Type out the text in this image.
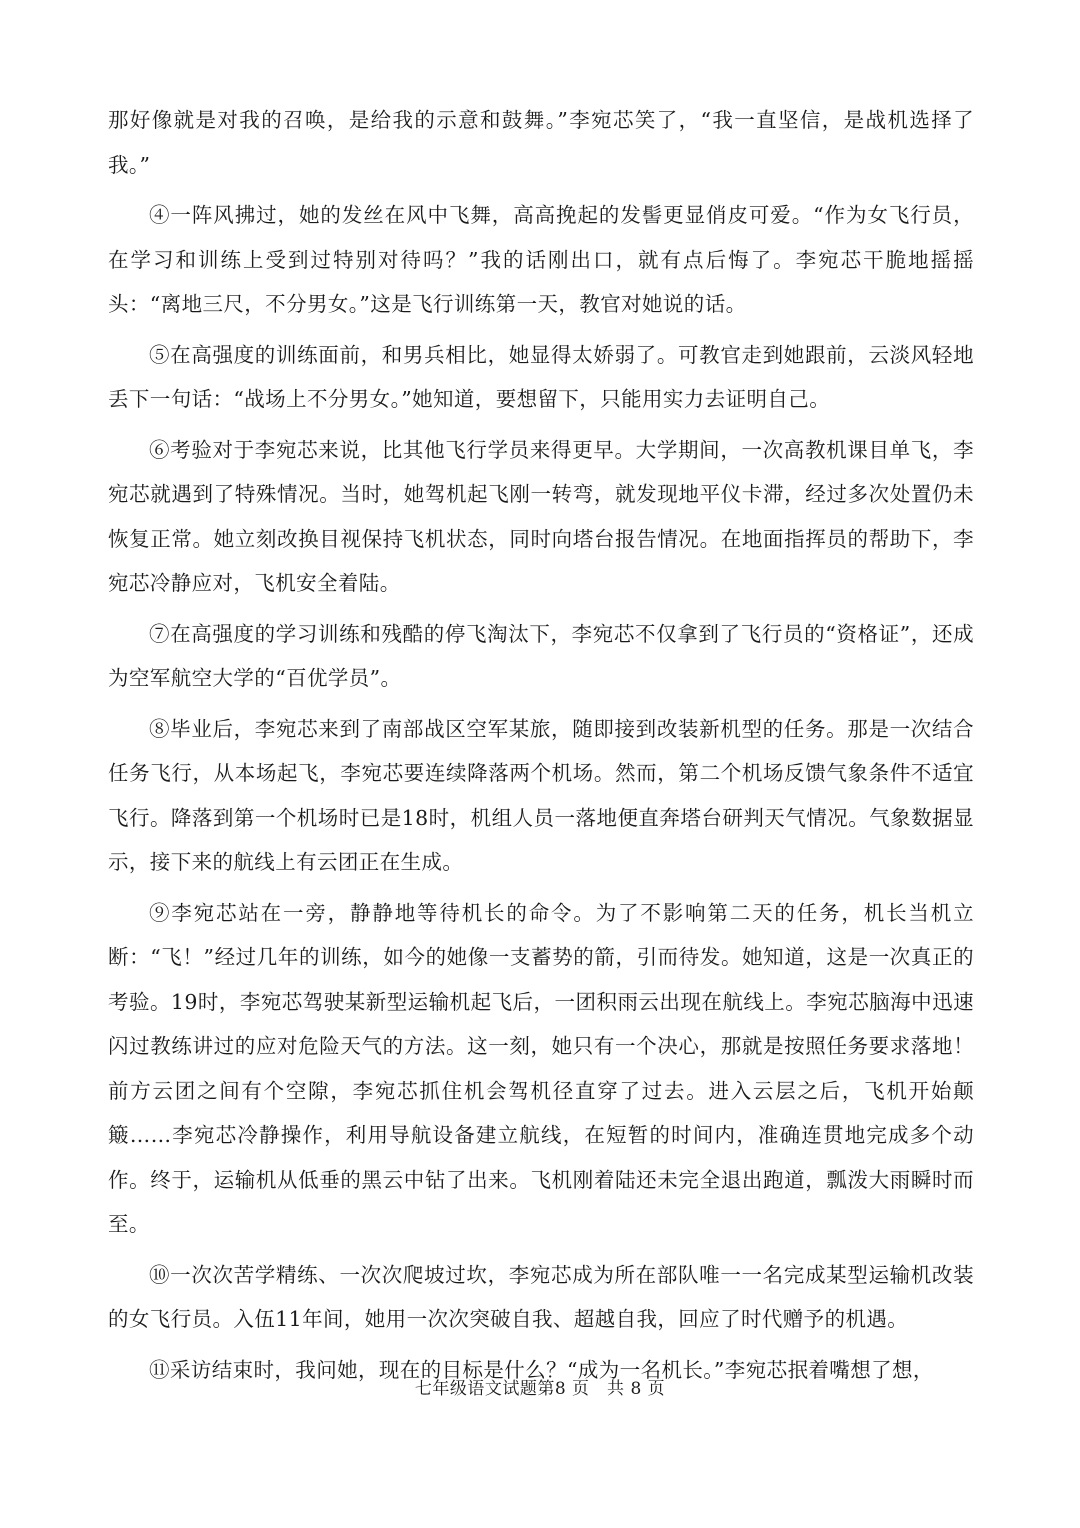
那好像就是对我的召唤，是给我的示意和鼓舞。”李宛芯笑了，“我一直坚信，是战机选择了我。”

④一阵风拂过，她的发丝在风中飞舞，高高挽起的发髻更显俏皮可爱。“作为女飞行员，在学习和训练上受到过特别对待吗？”我的话刚出口，就有点后悔了。李宛芯干脆地摇摇头：“离地三尺，不分男女。”这是飞行训练第一天，教官对她说的话。

⑤在高强度的训练面前，和男兵相比，她显得太娇弱了。可教官走到她跟前，云淡风轻地丢下一句话：“战场上不分男女。”她知道，要想留下，只能用实力去证明自己。

⑥考验对于李宛芯来说，比其他飞行学员来得更早。大学期间，一次高教机课目单飞，李宛芯就遇到了特殊情况。当时，她驾机起飞刚一转弯，就发现地平仪卡滞，经过多次处置仍未恢复正常。她立刻改换目视保持飞机状态，同时向塔台报告情况。在地面指挥员的帮助下，李宛芯冷静应对，飞机安全着陆。

⑦在高强度的学习训练和残酷的停飞淘汰下，李宛芯不仅拿到了飞行员的“资格证”，还成为空军航空大学的“百优学员”。

⑧毕业后，李宛芯来到了南部战区空军某旅，随即接到改装新机型的任务。那是一次结合任务飞行，从本场起飞，李宛芯要连续降落两个机场。然而，第二个机场反馈气象条件不适宜飞行。降落到第一个机场时已是18时，机组人员一落地便直奔塔台研判天气情况。气象数据显示，接下来的航线上有云团正在生成。

⑨李宛芯站在一旁，静静地等待机长的命令。为了不影响第二天的任务，机长当机立断：“飞！”经过几年的训练，如今的她像一支蓄势的箭，引而待发。她知道，这是一次真正的考验。19时，李宛芯驾驶某新型运输机起飞后，一团积雨云出现在航线上。李宛芯脑海中迅速闪过教练讲过的应对危险天气的方法。这一刻，她只有一个决心，那就是按照任务要求落地！前方云团之间有个空隙，李宛芯抓住机会驾机径直穿了过去。进入云层之后，飞机开始颠簸……李宛芯冷静操作，利用导航设备建立航线，在短暂的时间内，准确连贯地完成多个动作。终于，运输机从低垂的黑云中钻了出来。飞机刚着陆还未完全退出跑道，瓢泼大雨瞬时而至。

⑩一次次苦学精练、一次次爬坡过坎，李宛芯成为所在部队唯一一名完成某型运输机改装的女飞行员。入伍11年间，她用一次次突破自我、超越自我，回应了时代赠予的机遇。

⑪采访结束时，我问她，现在的目标是什么？“成为一名机长。”李宛芯抿着嘴想了想，

七年级语文试题第8 页　共 8 页
